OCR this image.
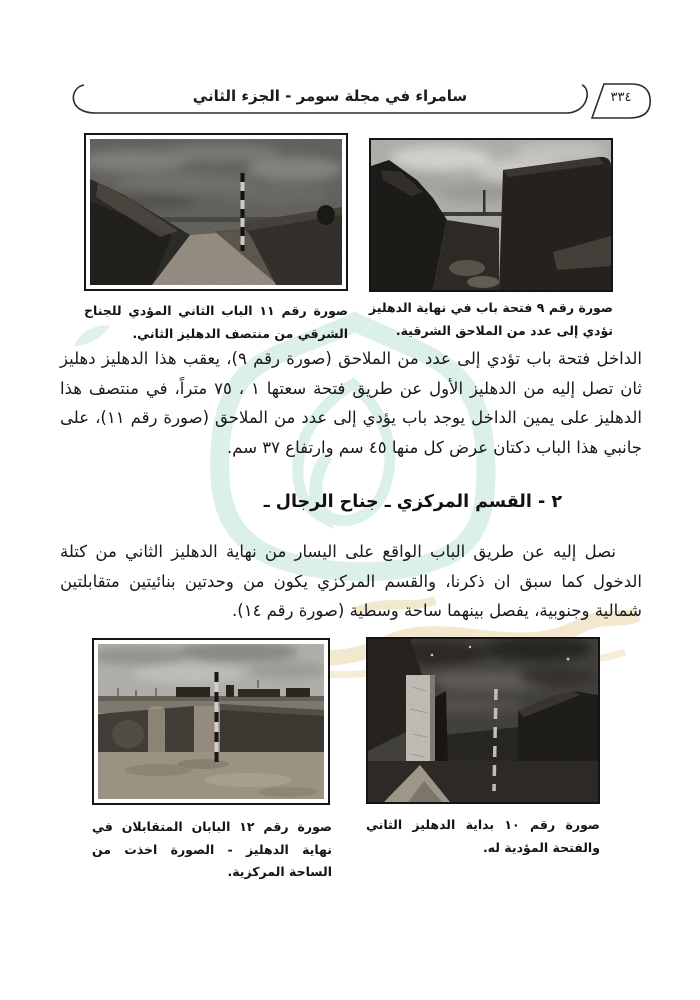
سامراء في مجلة سومر - الجزء الثاني	٣٣٤
صورة رقم ١١ الباب الثاني المؤدي للجناح الشرقي من منتصف الدهليز الثاني.
صورة رقم ٩ فتحة باب في نهاية الدهليز تؤدي إلى عدد من الملاحق الشرقية.

الداخل فتحة باب تؤدي إلى عدد من الملاحق (صورة رقم ٩)، يعقب هذا الدهليز دهليز ثان تصل إليه من الدهليز الأول عن طريق فتحة سعتها ١ ، ٧٥ متراً، في منتصف هذا الدهليز على يمين الداخل يوجد باب يؤدي إلى عدد من الملاحق (صورة رقم ١١)، على جانبي هذا الباب دكتان عرض كل منها ٤٥ سم وارتفاع ٣٧ سم.

٢ - القسم المركزي ـ جناح الرجال ـ

نصل إليه عن طريق الباب الواقع على اليسار من نهاية الدهليز الثاني من كتلة الدخول كما سبق ان ذكرنا، والقسم المركزي يكون من وحدتين بنائيتين متقابلتين شمالية وجنوبية، يفصل بينهما ساحة وسطية (صورة رقم ١٤).

صورة رقم ١٢ البابان المتقابلان في نهاية الدهليز - الصورة اخذت من الساحة المركزية.
صورة رقم ١٠ بداية الدهليز الثاني والفتحة المؤدية له.
